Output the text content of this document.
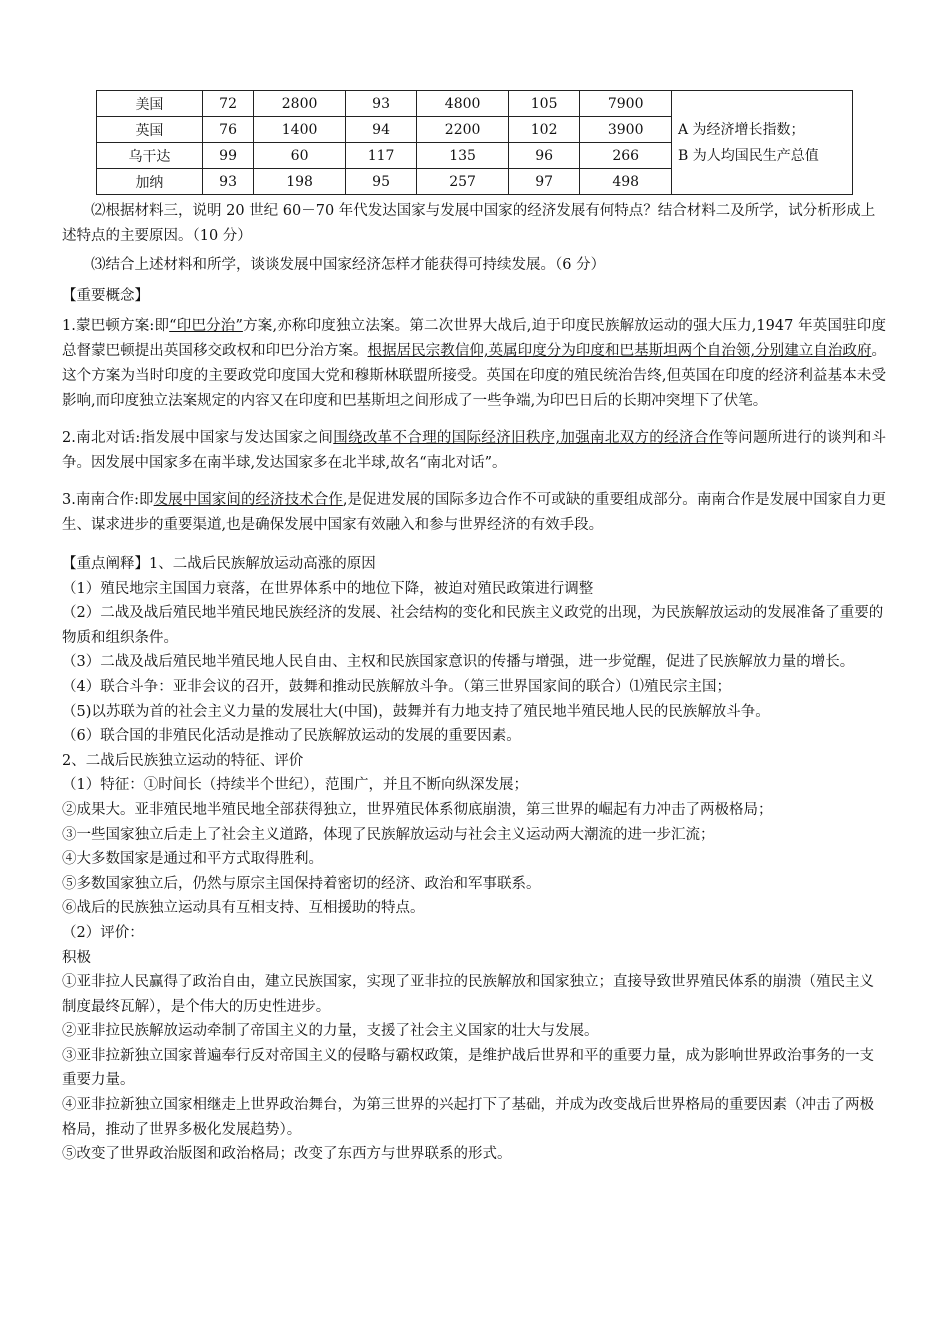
美国	72	2800	93	4800	105	7900	A 为经济增长指数；
B 为人均国民生产总值

英国	76	1400	94	2200	102	3900	
乌干达	99	60	117	135	96	266	
加纳	93	198	95	257	97	498	

⑵根据材料三，说明 20 世纪 60－70 年代发达国家与发展中国家的经济发展有何特点？结合材料二及所学，试分析形成上述特点的主要原因。（10 分）

⑶结合上述材料和所学，谈谈发展中国家经济怎样才能获得可持续发展。（6 分）

【重要概念】

1.蒙巴顿方案:即“印巴分治”方案,亦称印度独立法案。第二次世界大战后,迫于印度民族解放运动的强大压力,1947 年英国驻印度总督蒙巴顿提出英国移交政权和印巴分治方案。根据居民宗教信仰,英属印度分为印度和巴基斯坦两个自治领,分别建立自治政府。这个方案为当时印度的主要政党印度国大党和穆斯林联盟所接受。英国在印度的殖民统治告终,但英国在印度的经济利益基本未受影响,而印度独立法案规定的内容又在印度和巴基斯坦之间形成了一些争端,为印巴日后的长期冲突埋下了伏笔。

2.南北对话:指发展中国家与发达国家之间围绕改革不合理的国际经济旧秩序,加强南北双方的经济合作等问题所进行的谈判和斗争。因发展中国家多在南半球,发达国家多在北半球,故名“南北对话”。

3.南南合作:即发展中国家间的经济技术合作,是促进发展的国际多边合作不可或缺的重要组成部分。南南合作是发展中国家自力更生、谋求进步的重要渠道,也是确保发展中国家有效融入和参与世界经济的有效手段。

【重点阐释】1、二战后民族解放运动高涨的原因

（1）殖民地宗主国国力衰落，在世界体系中的地位下降，被迫对殖民政策进行调整

（2）二战及战后殖民地半殖民地民族经济的发展、社会结构的变化和民族主义政党的出现，为民族解放运动的发展准备了重要的物质和组织条件。

（3）二战及战后殖民地半殖民地人民自由、主权和民族国家意识的传播与增强，进一步觉醒，促进了民族解放力量的增长。

（4）联合斗争：亚非会议的召开，鼓舞和推动民族解放斗争。（第三世界国家间的联合）⑴殖民宗主国；

（5)以苏联为首的社会主义力量的发展壮大(中国)，鼓舞并有力地支持了殖民地半殖民地人民的民族解放斗争。

（6）联合国的非殖民化活动是推动了民族解放运动的发展的重要因素。

2、二战后民族独立运动的特征、评价

（1）特征：①时间长（持续半个世纪），范围广，并且不断向纵深发展；

②成果大。亚非殖民地半殖民地全部获得独立，世界殖民体系彻底崩溃，第三世界的崛起有力冲击了两极格局；

③一些国家独立后走上了社会主义道路，体现了民族解放运动与社会主义运动两大潮流的进一步汇流；

④大多数国家是通过和平方式取得胜利。

⑤多数国家独立后，仍然与原宗主国保持着密切的经济、政治和军事联系。

⑥战后的民族独立运动具有互相支持、互相援助的特点。

（2）评价：

积极

①亚非拉人民赢得了政治自由，建立民族国家，实现了亚非拉的民族解放和国家独立；直接导致世界殖民体系的崩溃（殖民主义制度最终瓦解），是个伟大的历史性进步。

②亚非拉民族解放运动牵制了帝国主义的力量，支援了社会主义国家的壮大与发展。

③亚非拉新独立国家普遍奉行反对帝国主义的侵略与霸权政策，是维护战后世界和平的重要力量，成为影响世界政治事务的一支重要力量。

④亚非拉新独立国家相继走上世界政治舞台，为第三世界的兴起打下了基础，并成为改变战后世界格局的重要因素（冲击了两极格局，推动了世界多极化发展趋势）。

⑤改变了世界政治版图和政治格局；改变了东西方与世界联系的形式。
